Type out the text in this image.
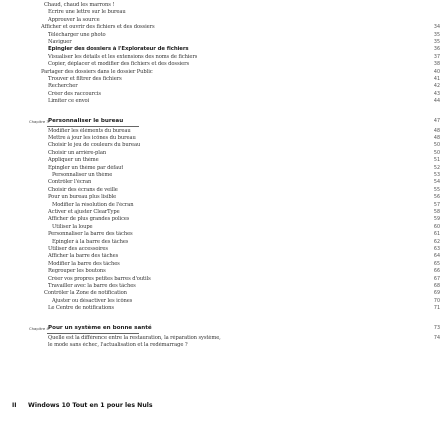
Chaud, chaud les marrons !
Écrire une lettre sur le bureau
Approuver la source
Afficher et ouvrir des fichiers et des dossiers	34
Télécharger une photo	35
Naviguer	35
Épingler des dossiers à l'Explorateur de fichiers	36
Visualiser les détails et les extensions des noms de fichiers	37
Copier, déplacer et modifier des fichiers et des dossiers	38
Partager des dossiers dans le dossier Public	40
Trouver et filtrer des fichiers	41
Rechercher	42
Créer des raccourcis	43
Limiter ce envoi	44
Chapitre 3 Personnaliser le bureau	47
Modifier les éléments du bureau	48
Mettre à jour les icônes du bureau	48
Choisir le jeu de couleurs du bureau	50
Choisir un arrière-plan	50
Appliquer un thème	51
Épingler un thème par défaut	52
Personnaliser un thème	53
Contrôler l'écran	54
Choisir des écrans de veille	55
Pour un bureau plus lisible	56
Modifier la résolution de l'écran	57
Activer et ajuster ClearType	58
Afficher de plus grandes polices	59
Utiliser la loupe	60
Personnaliser la barre des tâches	61
Épingler à la barre des tâches	62
Utiliser des accessoires	63
Afficher la barre des tâches	64
Modifier la barre des tâches	65
Regrouper les boutons	66
Créer vos propres petites barres d'outils	67
Travailler avec la barre des tâches	68
Contrôler la Zone de notification	69
Ajuster ou désactiver les icônes	70
Le Centre de notifications	71
Chapitre 4 Pour un système en bonne santé	73
Quelle est la différence entre la restauration, la réparation système,	74
le mode sans échec, l'actualisation et la redémarrage ?
II Windows 10 Tout en 1 pour les Nuls
